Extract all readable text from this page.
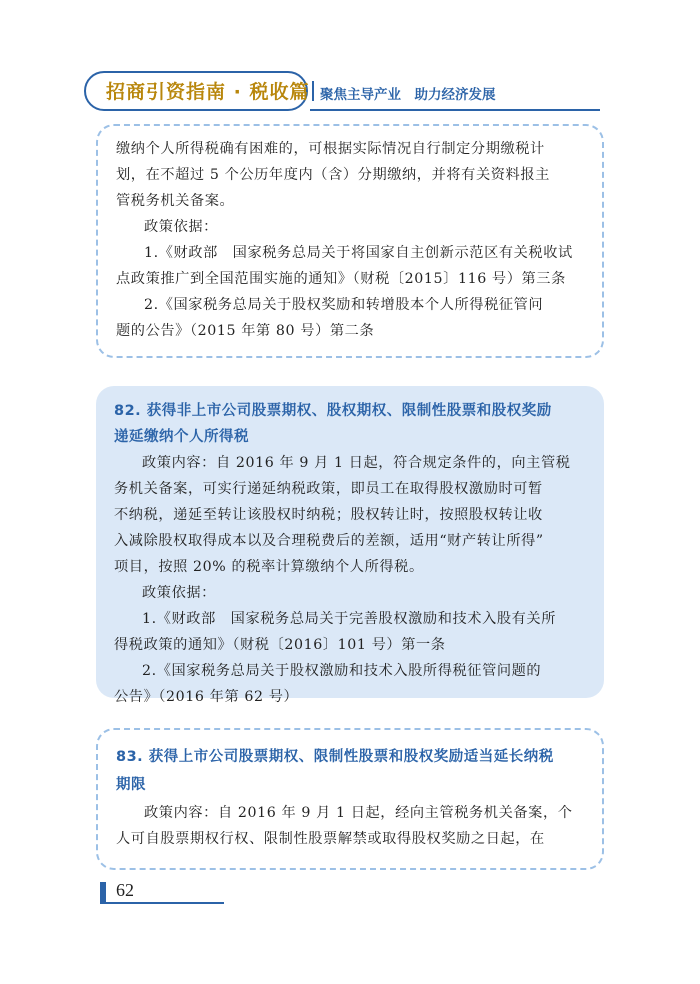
招商引资指南 · 税收篇 聚焦主导产业　助力经济发展
缴纳个人所得税确有困难的，可根据实际情况自行制定分期缴税计
划，在不超过 5 个公历年度内（含）分期缴纳，并将有关资料报主
管税务机关备案。
政策依据：
1.《财政部　国家税务总局关于将国家自主创新示范区有关税收试
点政策推广到全国范围实施的通知》（财税〔2015〕116 号）第三条
2.《国家税务总局关于股权奖励和转增股本个人所得税征管问
题的公告》（2015 年第 80 号）第二条
82. 获得非上市公司股票期权、股权期权、限制性股票和股权奖励
递延缴纳个人所得税
政策内容：自 2016 年 9 月 1 日起，符合规定条件的，向主管税
务机关备案，可实行递延纳税政策，即员工在取得股权激励时可暂
不纳税，递延至转让该股权时纳税；股权转让时，按照股权转让收
入减除股权取得成本以及合理税费后的差额，适用“财产转让所得”
项目，按照 20% 的税率计算缴纳个人所得税。
政策依据：
1.《财政部　国家税务总局关于完善股权激励和技术入股有关所
得税政策的通知》（财税〔2016〕101 号）第一条
2.《国家税务总局关于股权激励和技术入股所得税征管问题的
公告》（2016 年第 62 号）
83. 获得上市公司股票期权、限制性股票和股权奖励适当延长纳税
期限
政策内容：自 2016 年 9 月 1 日起，经向主管税务机关备案，个
人可自股票期权行权、限制性股票解禁或取得股权奖励之日起，在
62
